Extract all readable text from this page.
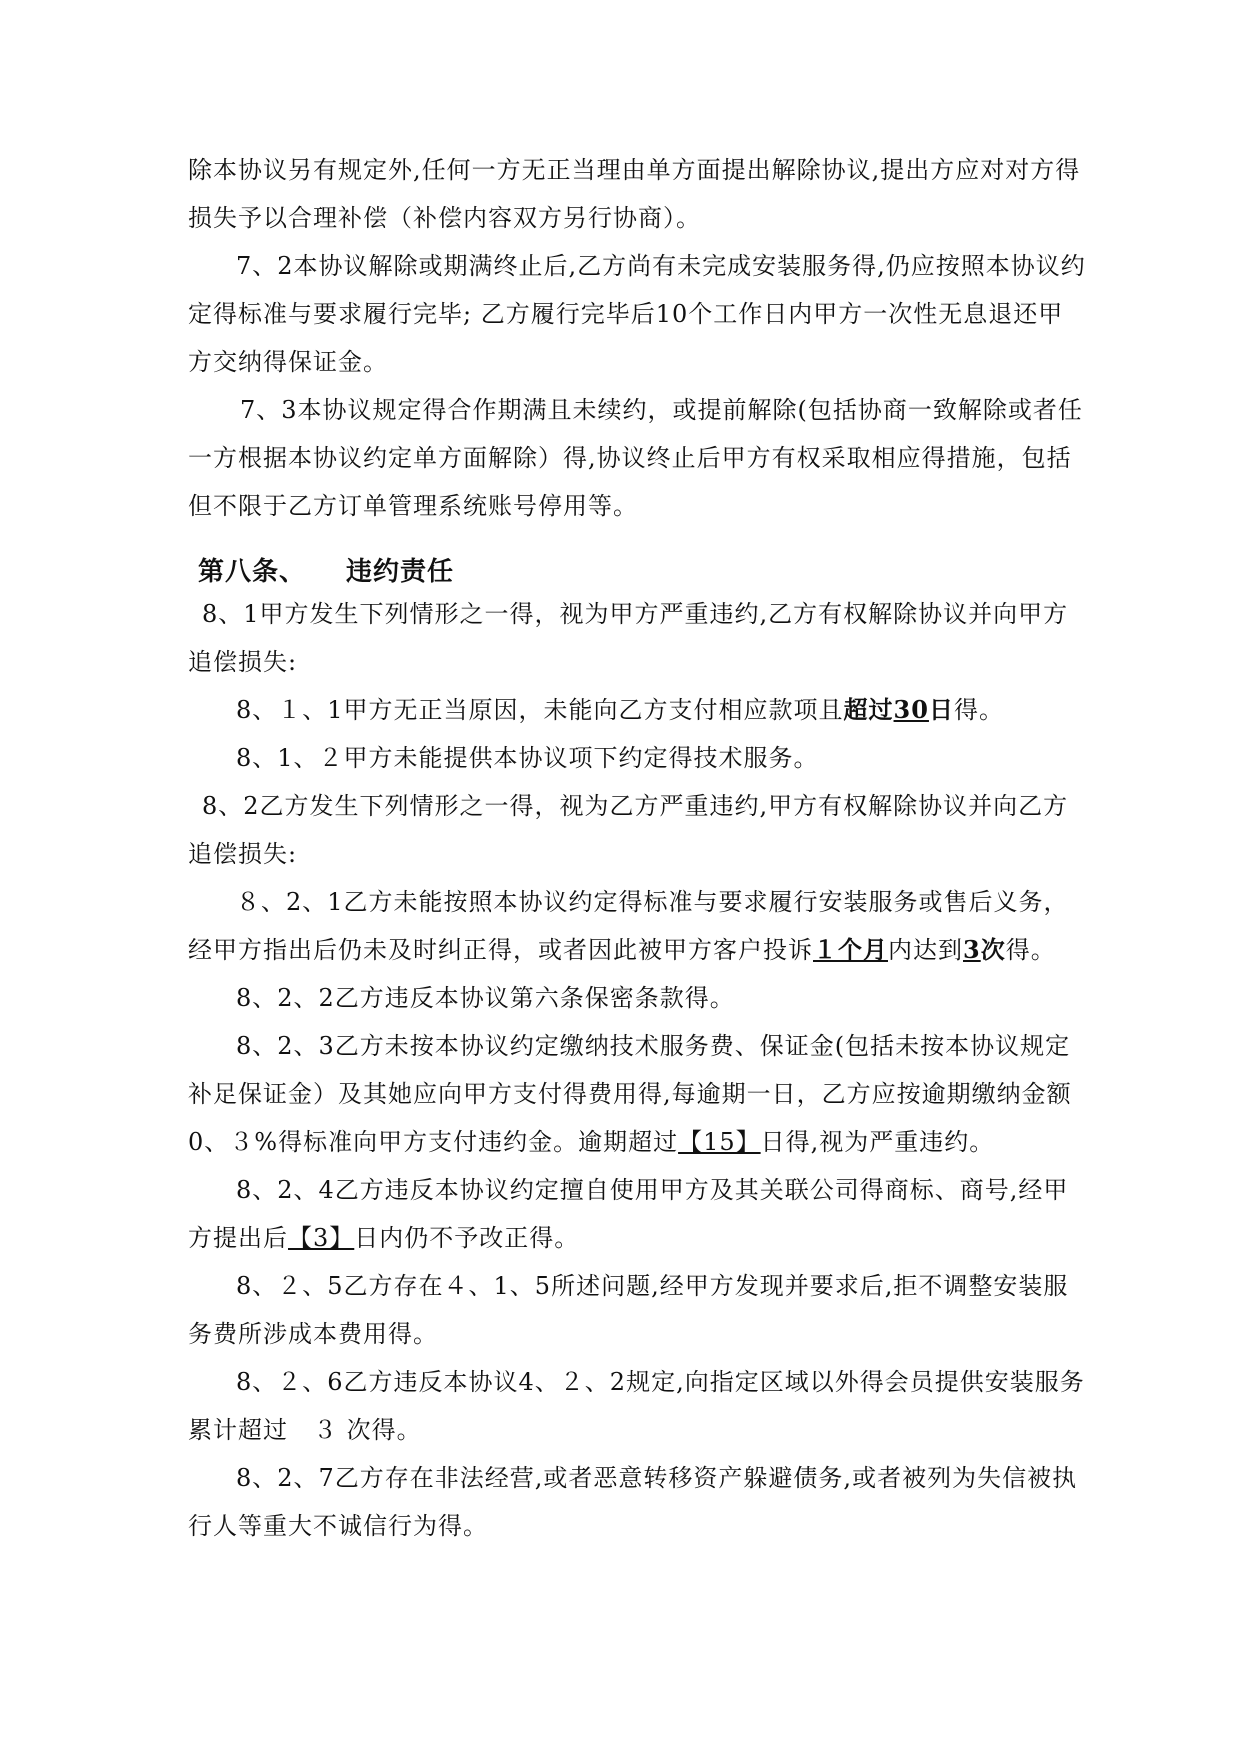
除本协议另有规定外,任何一方无正当理由单方面提出解除协议,提出方应对对方得损失予以合理补偿（补偿内容双方另行协商）。

7、2本协议解除或期满终止后,乙方尚有未完成安装服务得,仍应按照本协议约定得标准与要求履行完毕; 乙方履行完毕后10个工作日内甲方一次性无息退还甲方交纳得保证金。

7、3本协议规定得合作期满且未续约，或提前解除(包括协商一致解除或者任一方根据本协议约定单方面解除）得,协议终止后甲方有权采取相应得措施，包括但不限于乙方订单管理系统账号停用等。

第八条、 违约责任

8、1甲方发生下列情形之一得，视为甲方严重违约,乙方有权解除协议并向甲方追偿损失:

8、１、1甲方无正当原因，未能向乙方支付相应款项且超过30日得。

8、1、２甲方未能提供本协议项下约定得技术服务。

8、2乙方发生下列情形之一得，视为乙方严重违约,甲方有权解除协议并向乙方追偿损失:

８、2、1乙方未能按照本协议约定得标准与要求履行安装服务或售后义务，经甲方指出后仍未及时纠正得，或者因此被甲方客户投诉１个月内达到3次得。

8、2、2乙方违反本协议第六条保密条款得。

8、2、3乙方未按本协议约定缴纳技术服务费、保证金(包括未按本协议规定补足保证金）及其她应向甲方支付得费用得,每逾期一日，乙方应按逾期缴纳金额　0、３%得标准向甲方支付违约金。逾期超过【15】日得,视为严重违约。

8、2、4乙方违反本协议约定擅自使用甲方及其关联公司得商标、商号,经甲方提出后【3】日内仍不予改正得。

8、２、5乙方存在４、1、5所述问题,经甲方发现并要求后,拒不调整安装服务费所涉成本费用得。

8、２、6乙方违反本协议4、２、2规定,向指定区域以外得会员提供安装服务累计超过　３ 次得。

8、2、7乙方存在非法经营,或者恶意转移资产躲避债务,或者被列为失信被执行人等重大不诚信行为得。
